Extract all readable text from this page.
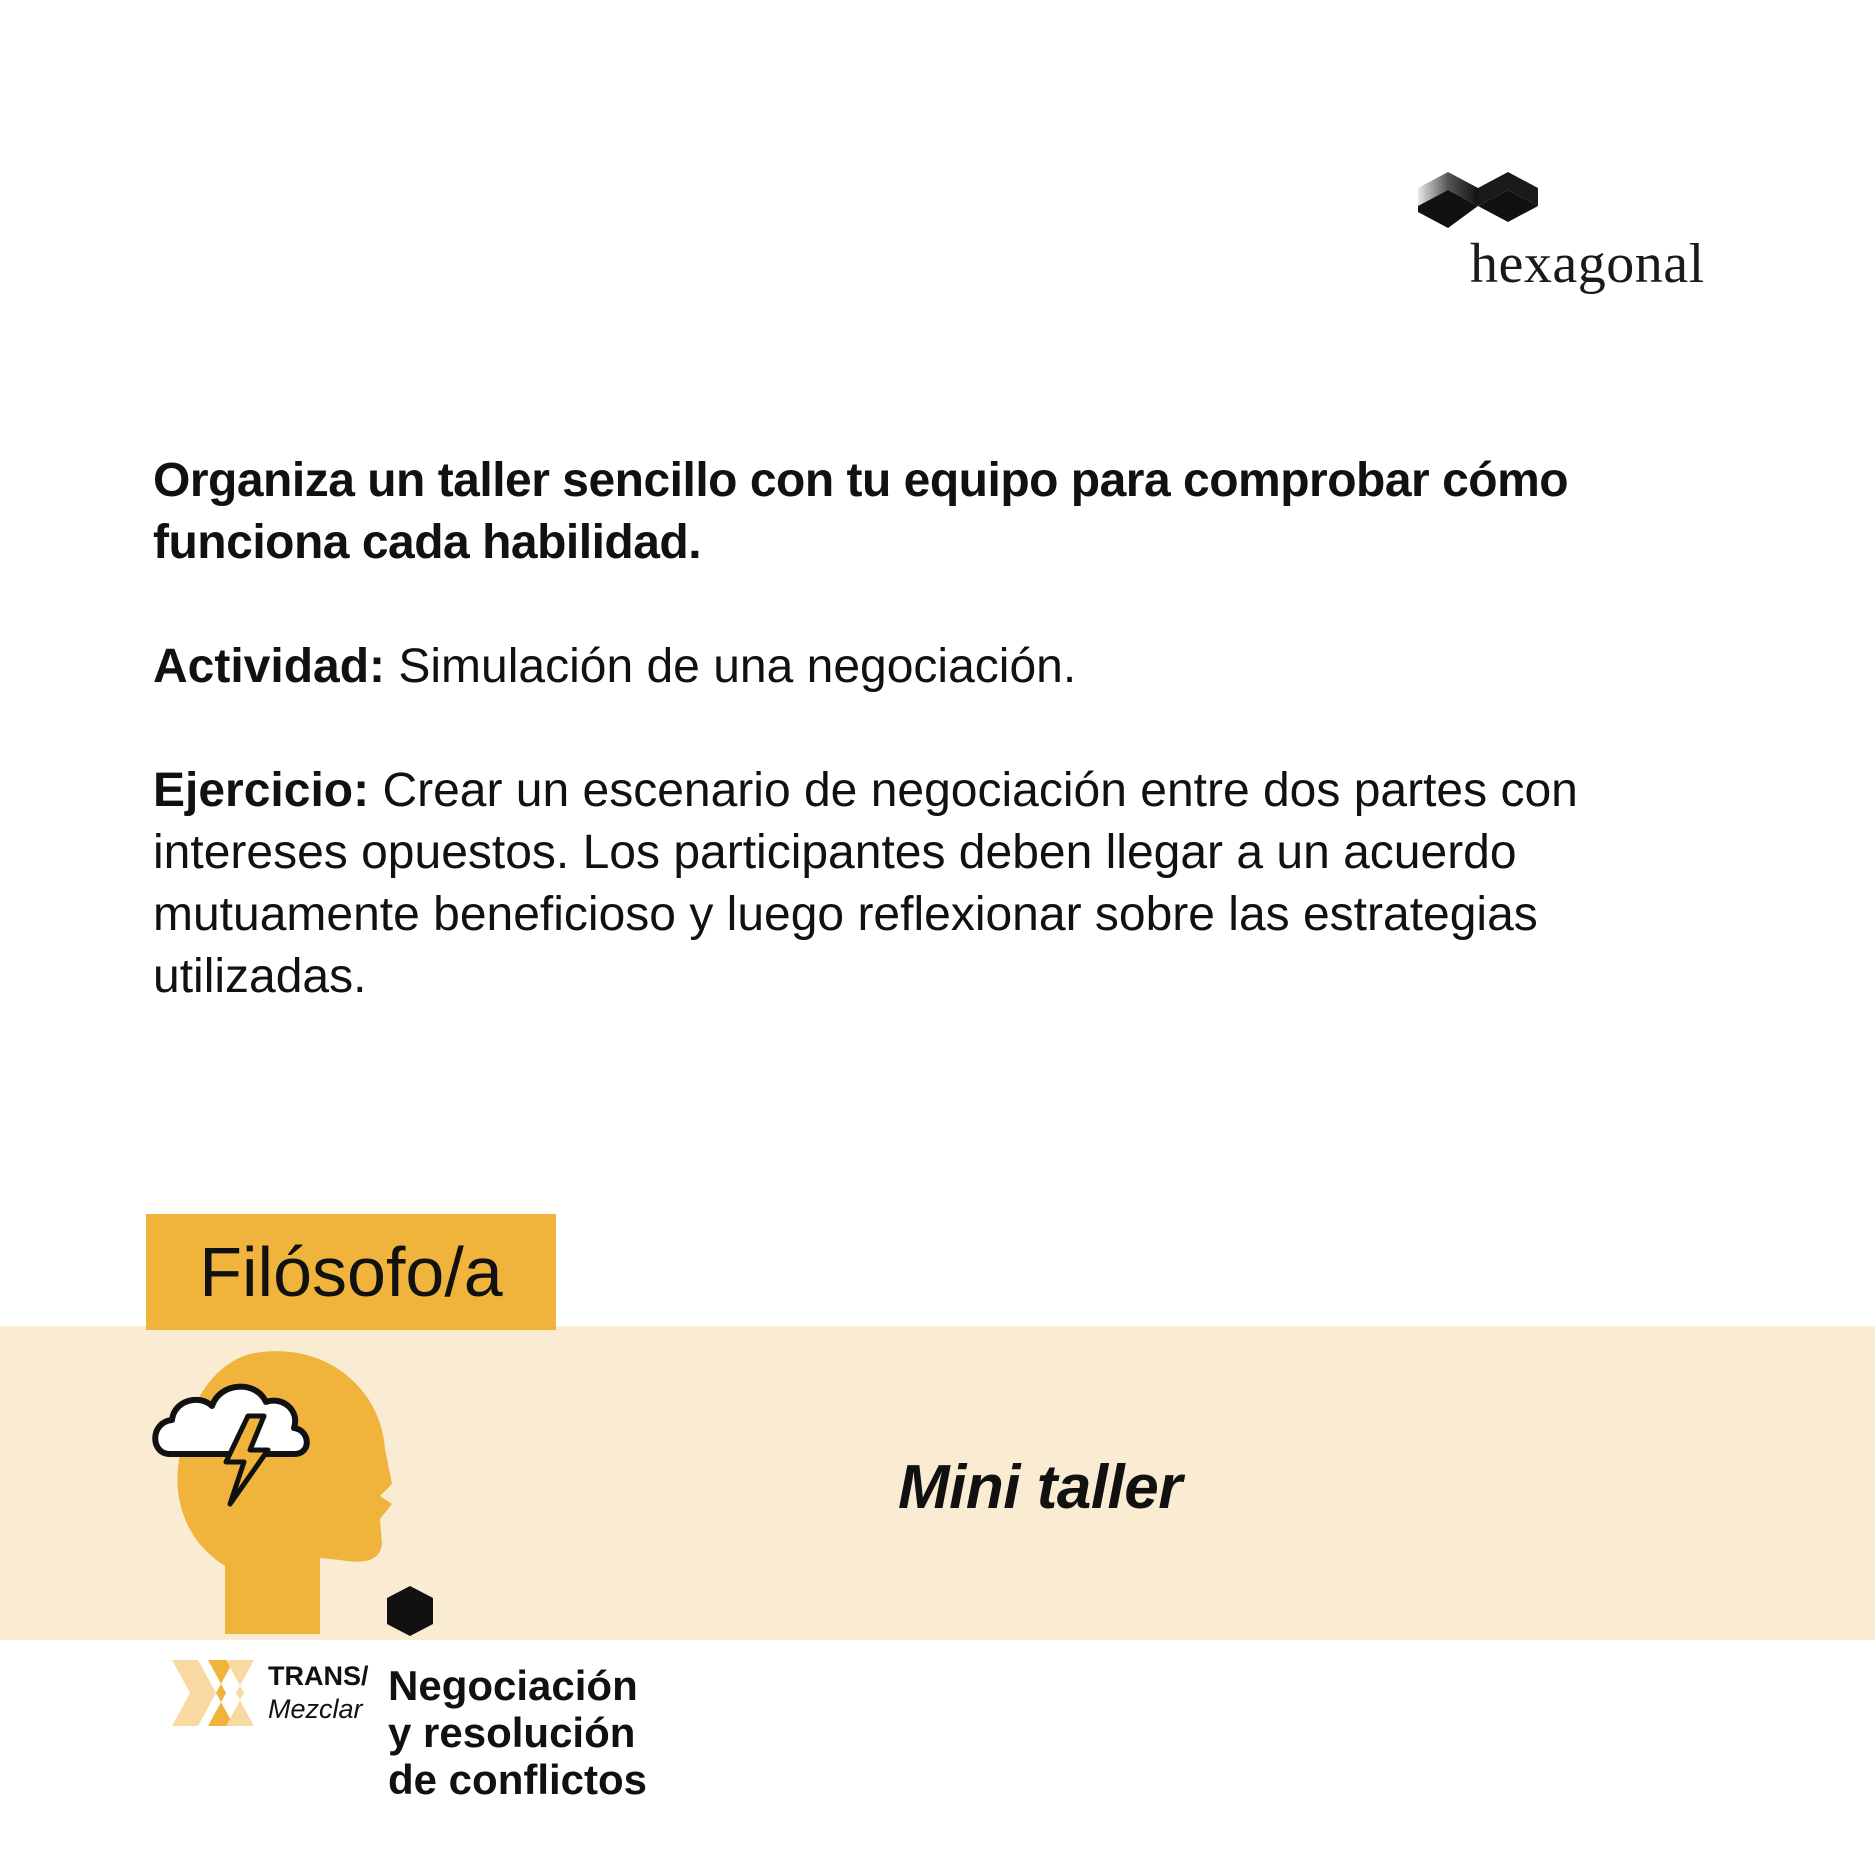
hexagonal

Organiza un taller sencillo con tu equipo para comprobar cómo funciona cada habilidad.

Actividad: Simulación de una negociación.

Ejercicio: Crear un escenario de negociación entre dos partes con intereses opuestos. Los participantes deben llegar a un acuerdo mutuamente beneficioso y luego reflexionar sobre las estrategias utilizadas.

Filósofo/a
Mini taller
TRANS/
Mezclar Negociación
y resolución
de conflictos
